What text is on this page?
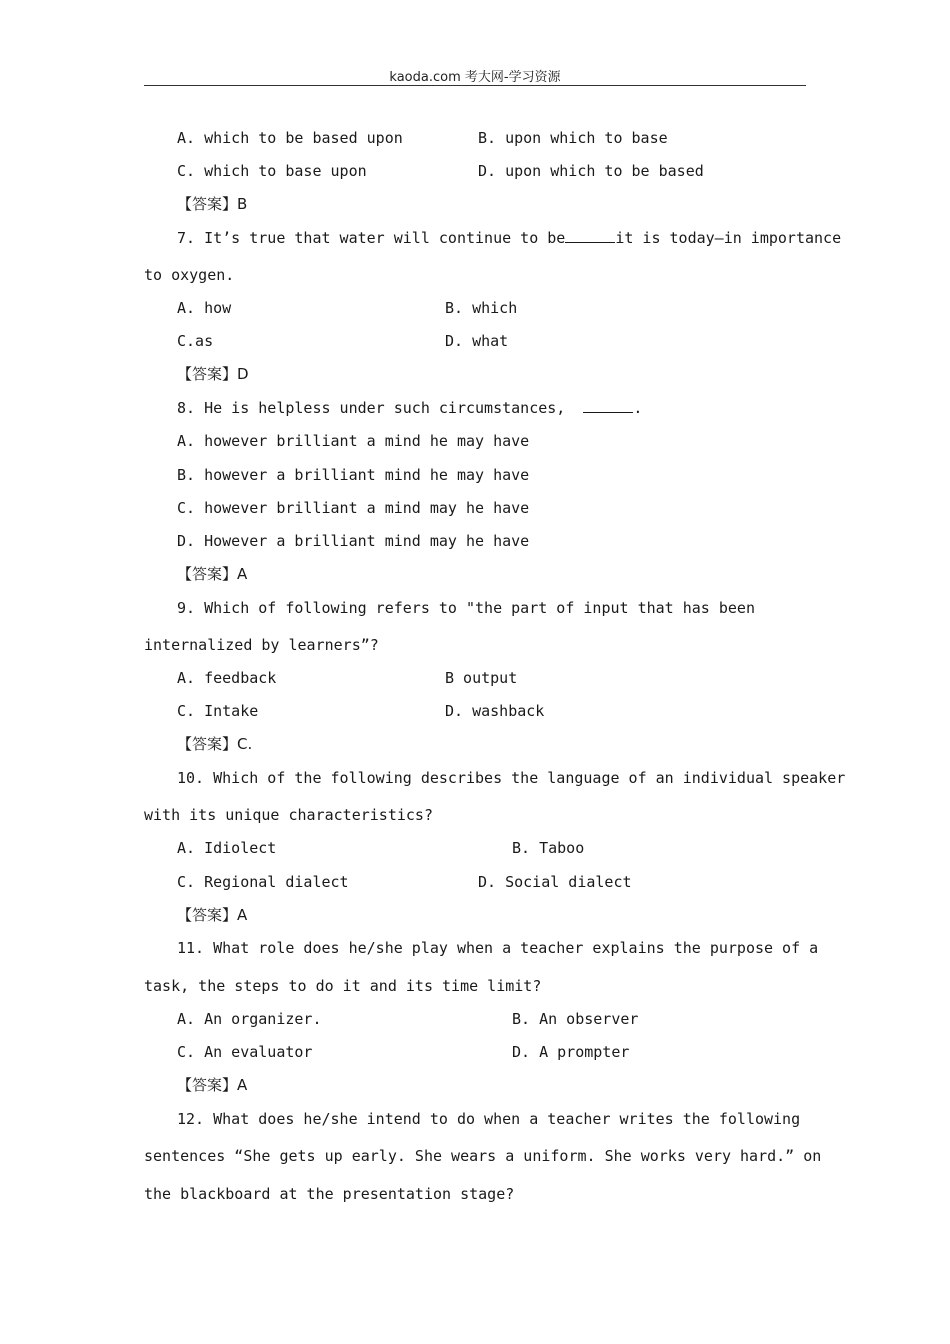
kaoda.com 考大网-学习资源
A. which to be based upon	B. upon which to base
C. which to base upon	D. upon which to be based
【答案】B
7. It’s true that water will continue to be	it is today—in importance
to oxygen.
A. how	B. which
C.as	D. what
【答案】D
8. He is helpless under such circumstances,	.
A. however brilliant a mind he may have
B. however a brilliant mind he may have
C. however brilliant a mind may he have
D. However a brilliant mind may he have
【答案】A
9. Which of following refers to "the part of input that has been
internalized by learners”?
A. feedback	B output
C. Intake	D. washback
【答案】C.
10. Which of the following describes the language of an individual speaker
with its unique characteristics?
A. Idiolect	B. Taboo
C. Regional dialect	D. Social dialect
【答案】A
11. What role does he/she play when a teacher explains the purpose of a
task, the steps to do it and its time limit?
A. An organizer.	B. An observer
C. An evaluator	D. A prompter
【答案】A
12. What does he/she intend to do when a teacher writes the following
sentences “She gets up early. She wears a uniform. She works very hard.” on
the blackboard at the presentation stage?
